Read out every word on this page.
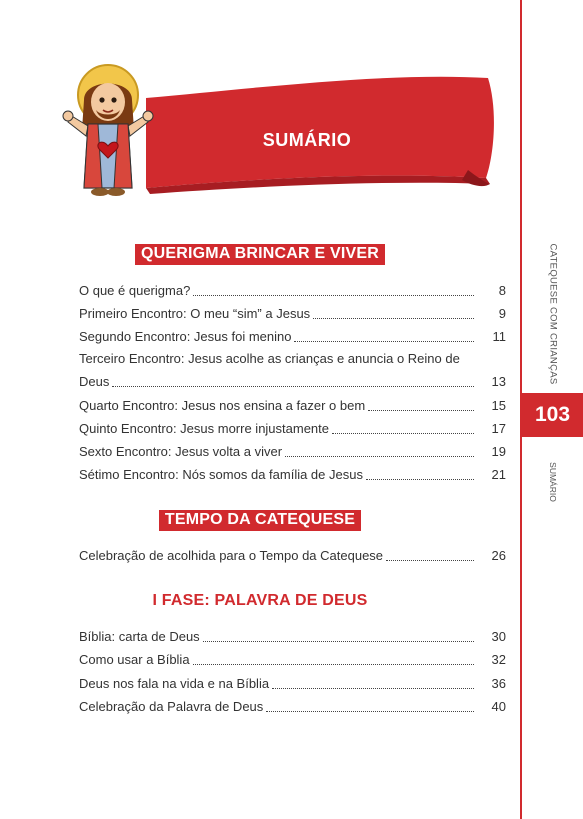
CATEQUESE COM CRIANÇAS
103
SUMÁRIO
SUMÁRIO
QUERIGMA BRINCAR E VIVER
O que é querigma?	8
Primeiro Encontro: O meu “sim” a Jesus	9
Segundo Encontro: Jesus foi menino	11
Terceiro Encontro: Jesus acolhe as crianças e anuncia o Reino de
Deus	13
Quarto Encontro: Jesus nos ensina a fazer o bem	15
Quinto Encontro: Jesus morre injustamente	17
Sexto Encontro: Jesus volta a viver	19
Sétimo Encontro: Nós somos da família de Jesus	21
TEMPO DA CATEQUESE
Celebração de acolhida para o Tempo da Catequese	26
I FASE: PALAVRA DE DEUS
Bíblia: carta de Deus	30
Como usar a Bíblia	32
Deus nos fala na vida e na Bíblia	36
Celebração da Palavra de Deus	40
